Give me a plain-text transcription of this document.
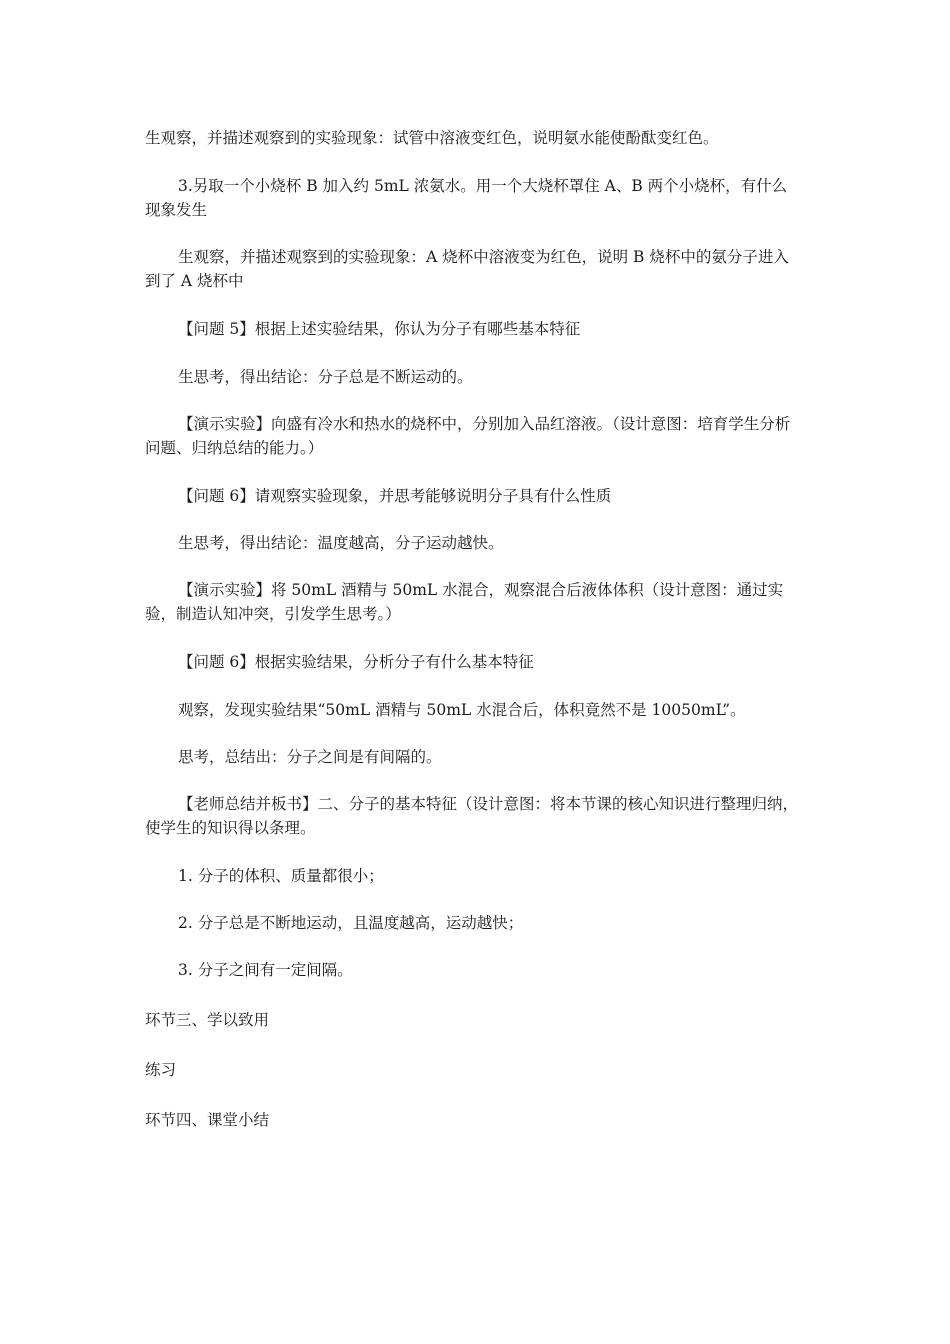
生观察，并描述观察到的实验现象：试管中溶液变红色，说明氨水能使酚酞变红色。

3.另取一个小烧杯 B 加入约 5mL 浓氨水。用一个大烧杯罩住 A、B 两个小烧杯，有什么现象发生

生观察，并描述观察到的实验现象：A 烧杯中溶液变为红色，说明 B 烧杯中的氨分子进入到了 A 烧杯中

【问题 5】根据上述实验结果，你认为分子有哪些基本特征

生思考，得出结论：分子总是不断运动的。

【演示实验】向盛有冷水和热水的烧杯中，分别加入品红溶液。（设计意图：培育学生分析问题、归纳总结的能力。）

【问题 6】请观察实验现象，并思考能够说明分子具有什么性质

生思考，得出结论：温度越高，分子运动越快。

【演示实验】将 50mL 酒精与 50mL 水混合，观察混合后液体体积（设计意图：通过实验，制造认知冲突，引发学生思考。）

【问题 6】根据实验结果，分析分子有什么基本特征

观察，发现实验结果“50mL 酒精与 50mL 水混合后，体积竟然不是 10050mL”。

思考，总结出：分子之间是有间隔的。

【老师总结并板书】二、分子的基本特征（设计意图：将本节课的核心知识进行整理归纳，使学生的知识得以条理。

1. 分子的体积、质量都很小；

2. 分子总是不断地运动，且温度越高，运动越快；

3. 分子之间有一定间隔。

环节三、学以致用

练习

环节四、课堂小结
